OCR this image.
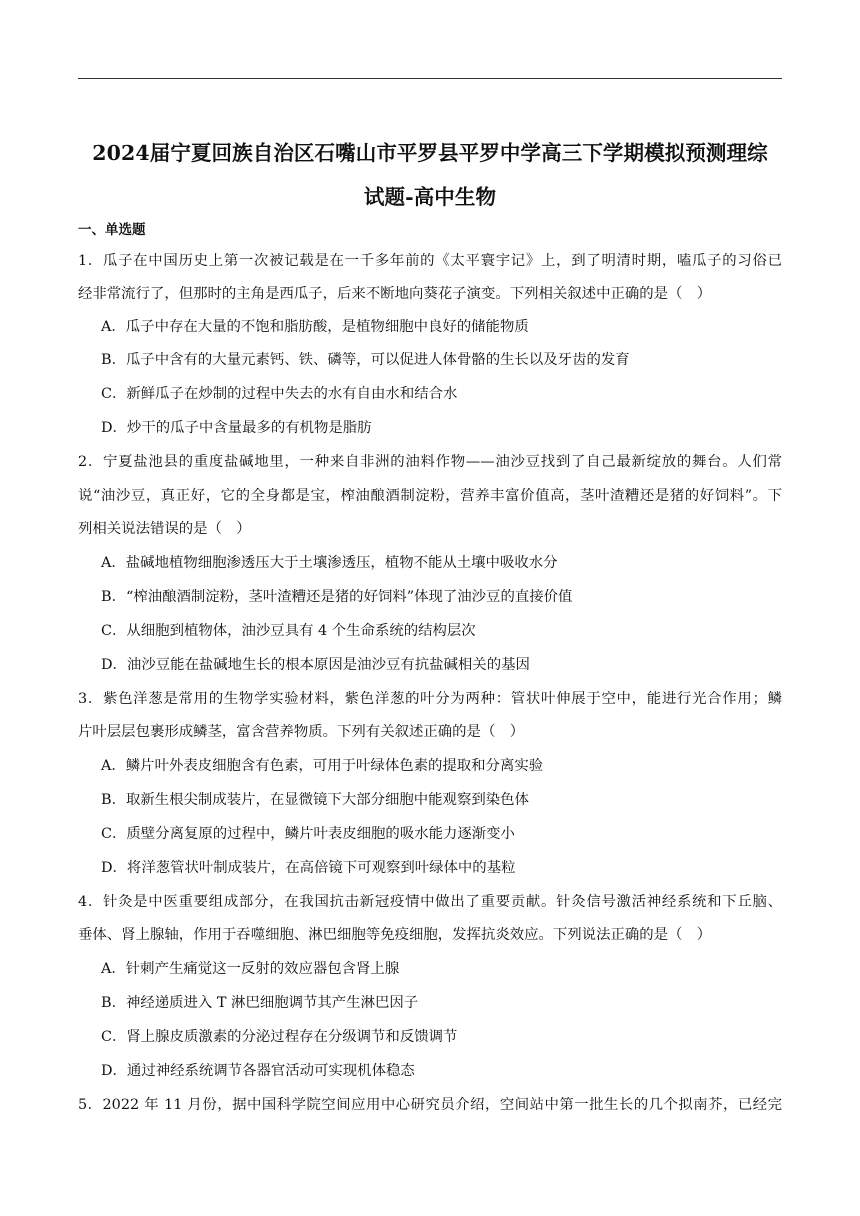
2024届宁夏回族自治区石嘴山市平罗县平罗中学高三下学期模拟预测理综
试题-高中生物
一、单选题
1．瓜子在中国历史上第一次被记载是在一千多年前的《太平寰宇记》上，到了明清时期，嗑瓜子的习俗已
经非常流行了，但那时的主角是西瓜子，后来不断地向葵花子演变。下列相关叙述中正确的是（　）
A．瓜子中存在大量的不饱和脂肪酸，是植物细胞中良好的储能物质
B．瓜子中含有的大量元素钙、铁、磷等，可以促进人体骨骼的生长以及牙齿的发育
C．新鲜瓜子在炒制的过程中失去的水有自由水和结合水
D．炒干的瓜子中含量最多的有机物是脂肪
2．宁夏盐池县的重度盐碱地里，一种来自非洲的油料作物——油沙豆找到了自己最新绽放的舞台。人们常
说“油沙豆，真正好，它的全身都是宝，榨油酿酒制淀粉，营养丰富价值高，茎叶渣糟还是猪的好饲料”。下
列相关说法错误的是（　）
A．盐碱地植物细胞渗透压大于土壤渗透压，植物不能从土壤中吸收水分
B．“榨油酿酒制淀粉，茎叶渣糟还是猪的好饲料”体现了油沙豆的直接价值
C．从细胞到植物体，油沙豆具有 4 个生命系统的结构层次
D．油沙豆能在盐碱地生长的根本原因是油沙豆有抗盐碱相关的基因
3．紫色洋葱是常用的生物学实验材料，紫色洋葱的叶分为两种：管状叶伸展于空中，能进行光合作用；鳞
片叶层层包裹形成鳞茎，富含营养物质。下列有关叙述正确的是（　）
A．鳞片叶外表皮细胞含有色素，可用于叶绿体色素的提取和分离实验
B．取新生根尖制成装片，在显微镜下大部分细胞中能观察到染色体
C．质壁分离复原的过程中，鳞片叶表皮细胞的吸水能力逐渐变小
D．将洋葱管状叶制成装片，在高倍镜下可观察到叶绿体中的基粒
4．针灸是中医重要组成部分，在我国抗击新冠疫情中做出了重要贡献。针灸信号激活神经系统和下丘脑、
垂体、肾上腺轴，作用于吞噬细胞、淋巴细胞等免疫细胞，发挥抗炎效应。下列说法正确的是（　）
A．针刺产生痛觉这一反射的效应器包含肾上腺
B．神经递质进入 T 淋巴细胞调节其产生淋巴因子
C．肾上腺皮质激素的分泌过程存在分级调节和反馈调节
D．通过神经系统调节各器官活动可实现机体稳态
5．2022 年 11 月份，据中国科学院空间应用中心研究员介绍，空间站中第一批生长的几个拟南芥，已经完
